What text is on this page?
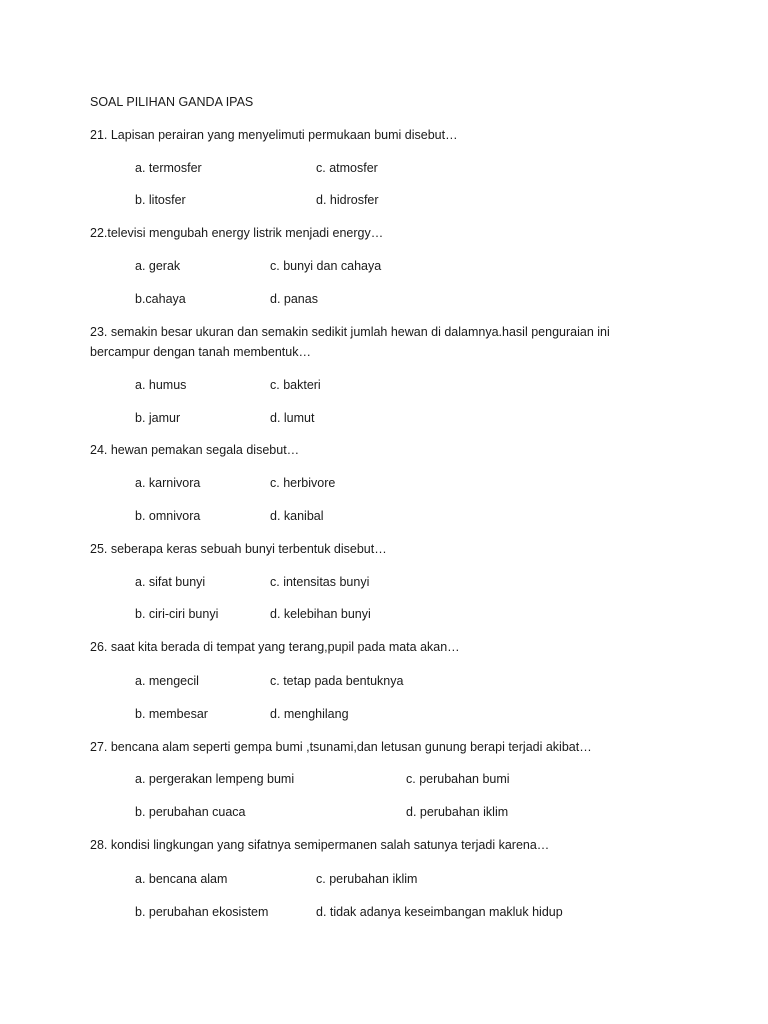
SOAL PILIHAN GANDA IPAS
21. Lapisan perairan yang menyelimuti permukaan bumi disebut…
a. termosfer	c. atmosfer
b. litosfer	d. hidrosfer
22.televisi mengubah energy listrik menjadi energy…
a. gerak	c. bunyi dan cahaya
b.cahaya	d. panas
23. semakin besar ukuran dan semakin sedikit jumlah hewan di dalamnya.hasil penguraian ini
bercampur dengan tanah membentuk…
a. humus	c. bakteri
b. jamur	d. lumut
24. hewan pemakan segala disebut…
a. karnivora	c. herbivore
b. omnivora	d. kanibal
25. seberapa keras sebuah bunyi terbentuk disebut…
a. sifat bunyi	c. intensitas bunyi
b. ciri-ciri bunyi	d. kelebihan bunyi
26. saat kita berada di tempat yang terang,pupil pada mata akan…
a. mengecil	c. tetap pada bentuknya
b. membesar	d. menghilang
27. bencana alam seperti gempa bumi ,tsunami,dan letusan gunung berapi terjadi akibat…
a. pergerakan lempeng bumi	c. perubahan bumi
b. perubahan cuaca	d. perubahan iklim
28. kondisi lingkungan yang sifatnya semipermanen salah satunya terjadi karena…
a. bencana alam	c. perubahan iklim
b. perubahan ekosistem	d. tidak adanya keseimbangan makluk hidup
